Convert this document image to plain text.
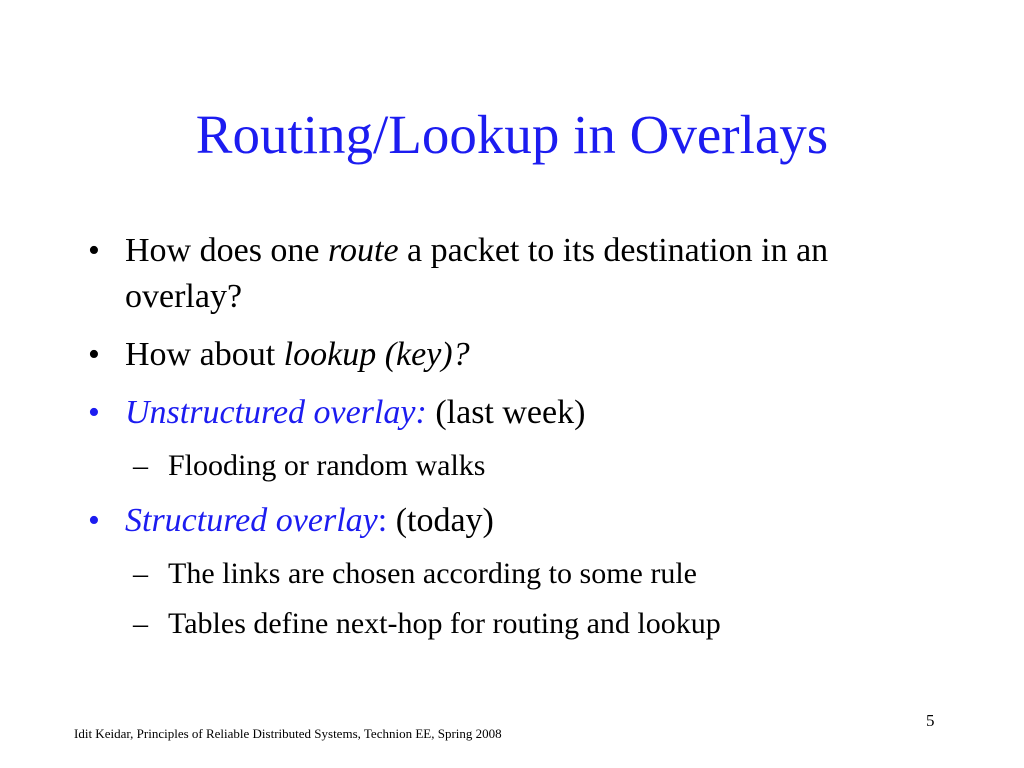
Routing/Lookup in Overlays
• How does one route a packet to its destination in an overlay?
• How about lookup (key)?
• Unstructured overlay: (last week)
– Flooding or random walks
• Structured overlay: (today)
– The links are chosen according to some rule
– Tables define next-hop for routing and lookup
Idit Keidar, Principles of Reliable Distributed Systems, Technion EE, Spring 2008
5
